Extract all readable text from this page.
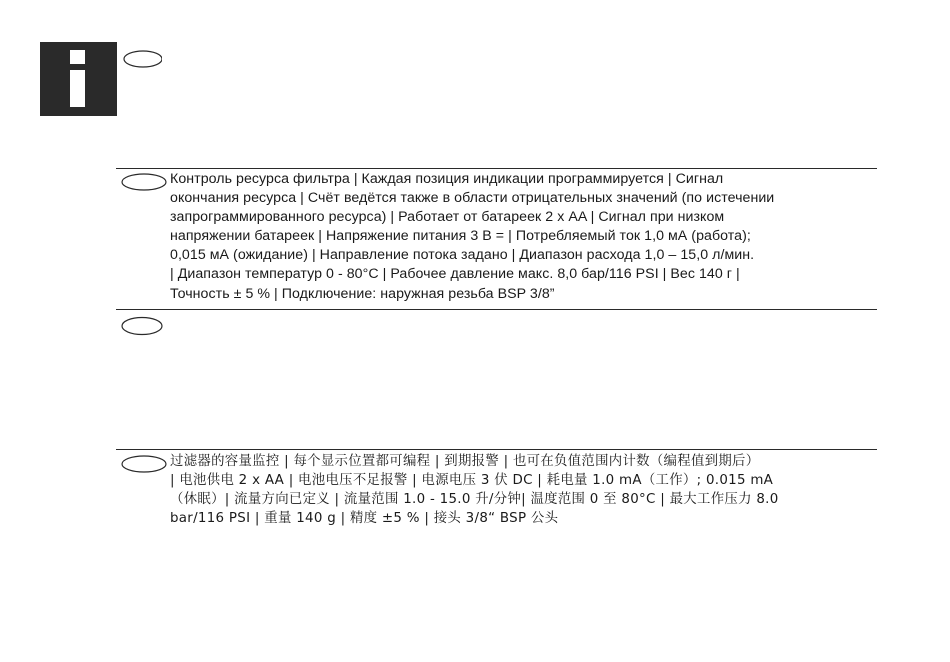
Контроль ресурса фильтра | Каждая позиция индикации программируется | Сигнал
окончания ресурса | Счёт ведётся также в области отрицательных значений (по истечении
запрограммированного ресурса) | Работает от батареек 2 х AA | Сигнал при низком
напряжении батареек | Напряжение питания 3 В = | Потребляемый ток 1,0 мА (работа);
0,015 мА (ожидание) | Направление потока задано | Диапазон расхода 1,0 – 15,0 л/мин.
| Диапазон температур 0 - 80°C | Рабочее давление макс. 8,0 бар/116 PSI | Вес 140 г |
Точность ± 5 % | Подключение: наружная резьба BSP 3/8”
过滤器的容量监控 | 每个显示位置都可编程 | 到期报警 | 也可在负值范围内计数（编程值到期后）
| 电池供电 2 x AA | 电池电压不足报警 | 电源电压 3 伏 DC | 耗电量 1.0 mA（工作）; 0.015 mA
（休眠）| 流量方向已定义 | 流量范围 1.0 - 15.0 升/分钟| 温度范围 0 至 80°C | 最大工作压力 8.0
bar/116 PSI | 重量 140 g | 精度 ±5 % | 接头 3/8“ BSP 公头
